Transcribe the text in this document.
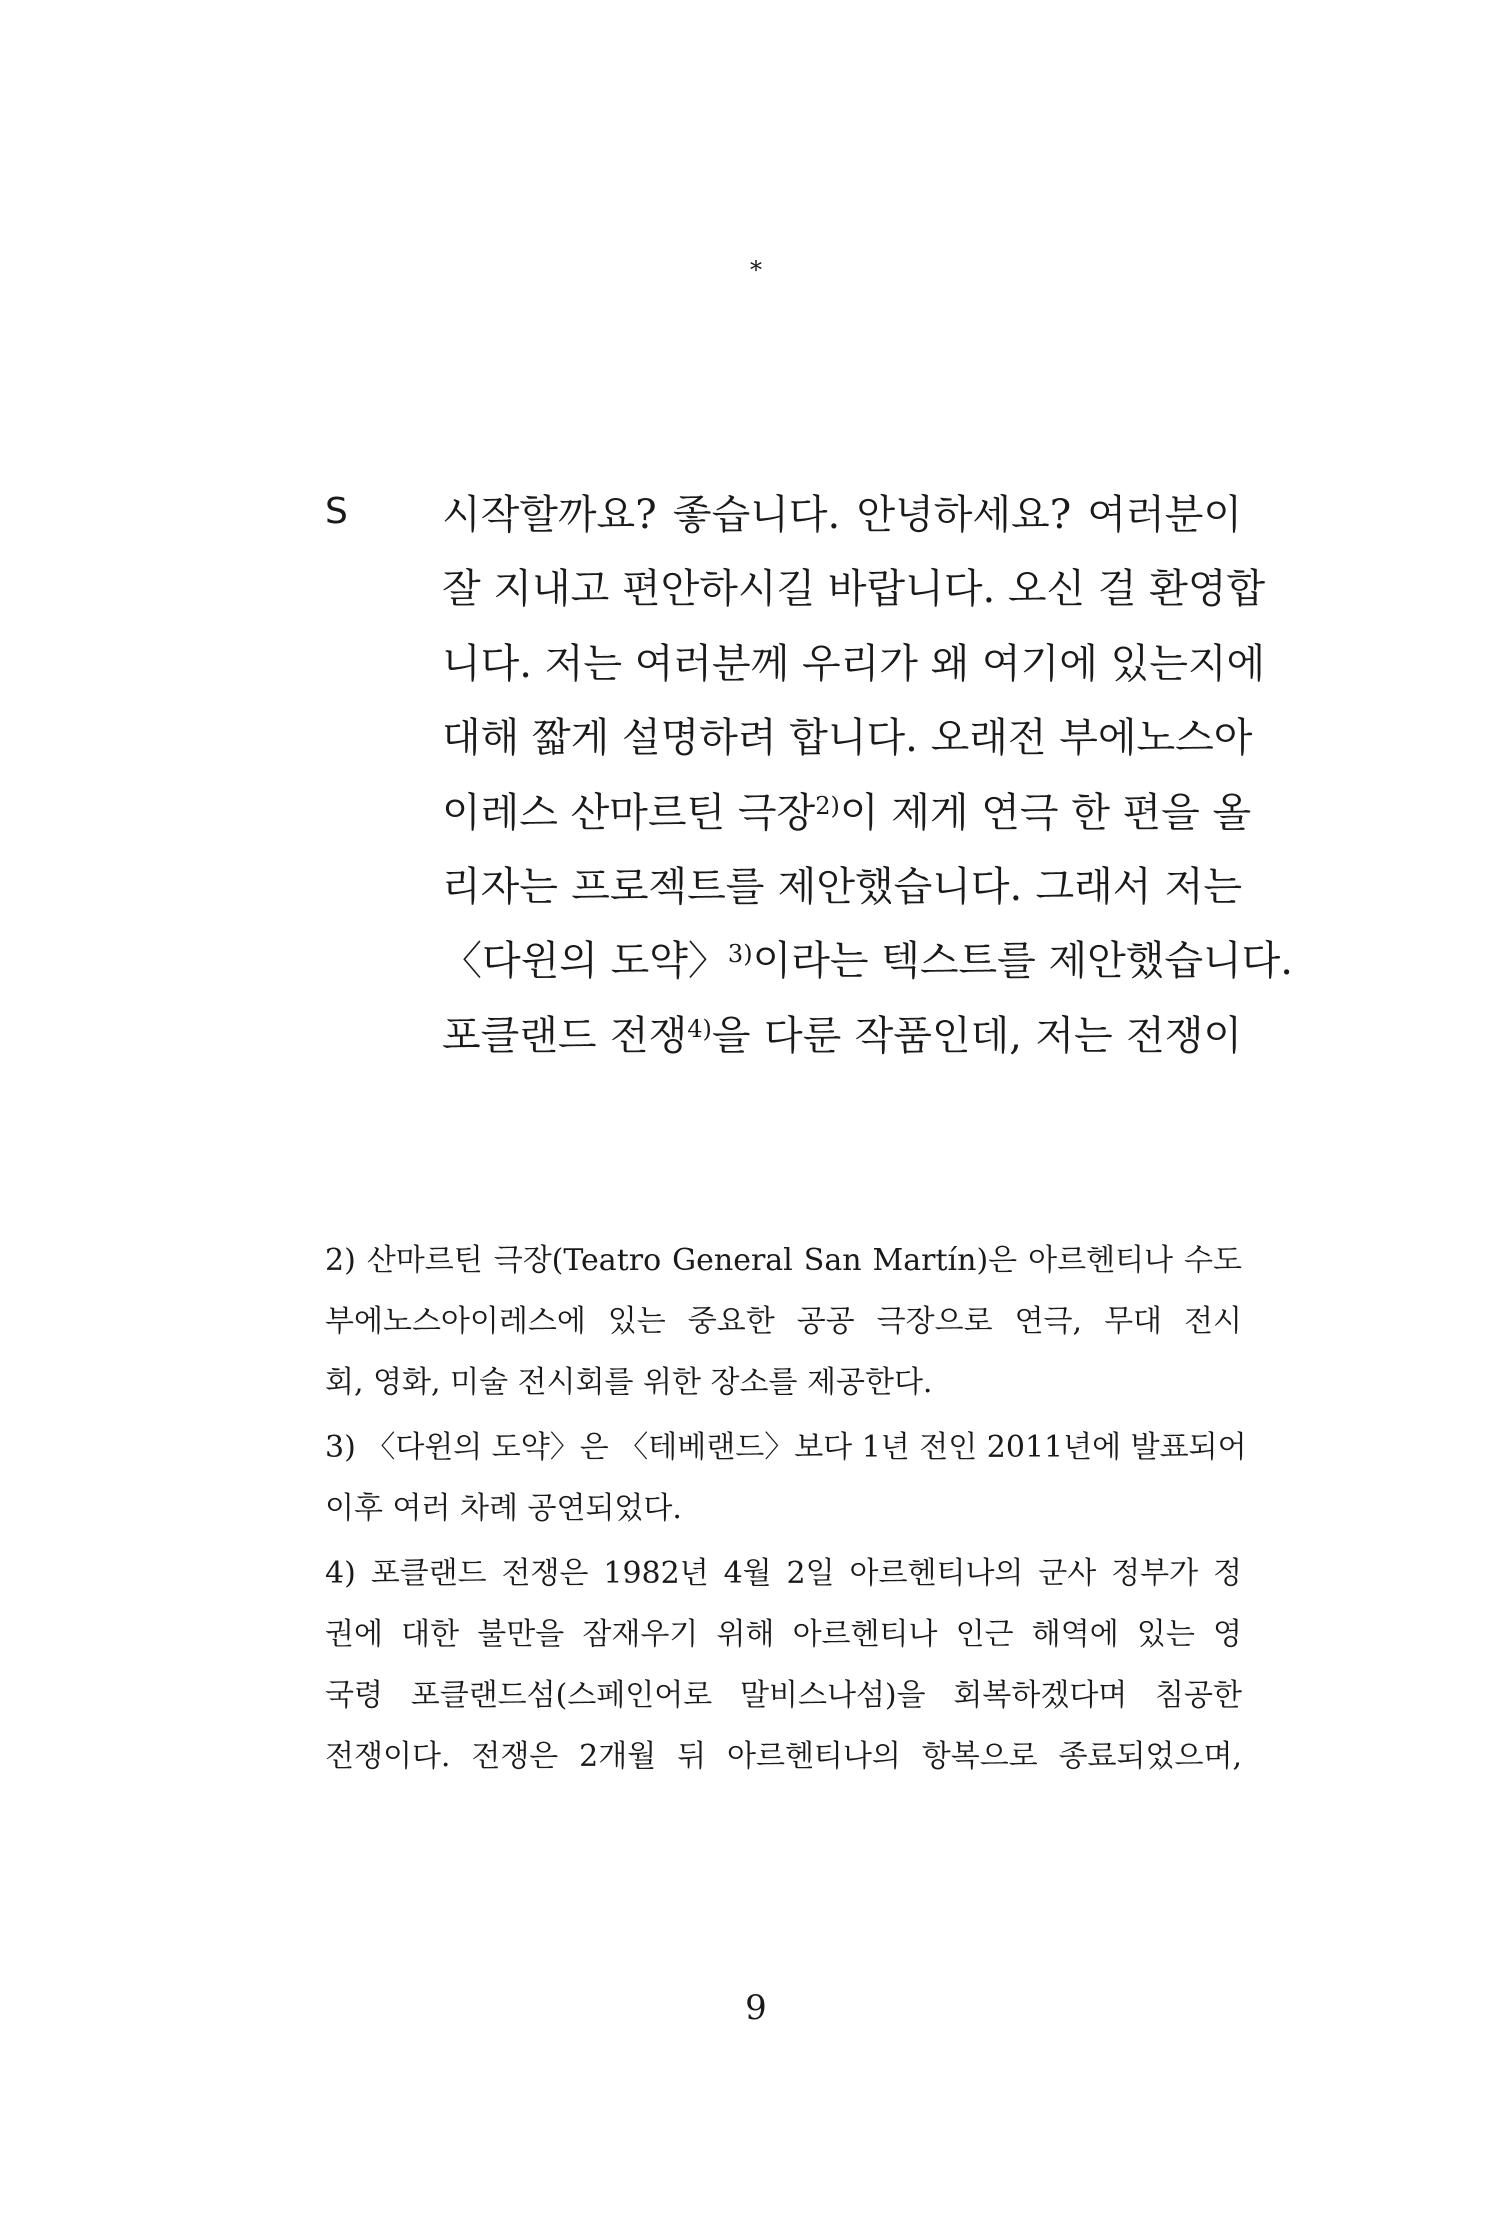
*
S 시작할까요? 좋습니다. 안녕하세요? 여러분이
잘 지내고 편안하시길 바랍니다. 오신 걸 환영합
니다. 저는 여러분께 우리가 왜 여기에 있는지에
대해 짧게 설명하려 합니다. 오래전 부에노스아
이레스 산마르틴 극장$^{2)}$이 제게 연극 한 편을 올
리자는 프로젝트를 제안했습니다. 그래서 저는
〈다윈의 도약〉$^{3)}$이라는 텍스트를 제안했습니다.
포클랜드 전쟁$^{4)}$을 다룬 작품인데, 저는 전쟁이
2) 산마르틴 극장(Teatro General San Martín)은 아르헨티나 수도
부에노스아이레스에 있는 중요한 공공 극장으로 연극, 무대 전시
회, 영화, 미술 전시회를 위한 장소를 제공한다.
3) 〈다윈의 도약〉은 〈테베랜드〉보다 1년 전인 2011년에 발표되어
이후 여러 차례 공연되었다.
4) 포클랜드 전쟁은 1982년 4월 2일 아르헨티나의 군사 정부가 정
권에 대한 불만을 잠재우기 위해 아르헨티나 인근 해역에 있는 영
국령 포클랜드섬(스페인어로 말비스나섬)을 회복하겠다며 침공한
전쟁이다. 전쟁은 2개월 뒤 아르헨티나의 항복으로 종료되었으며,
9
